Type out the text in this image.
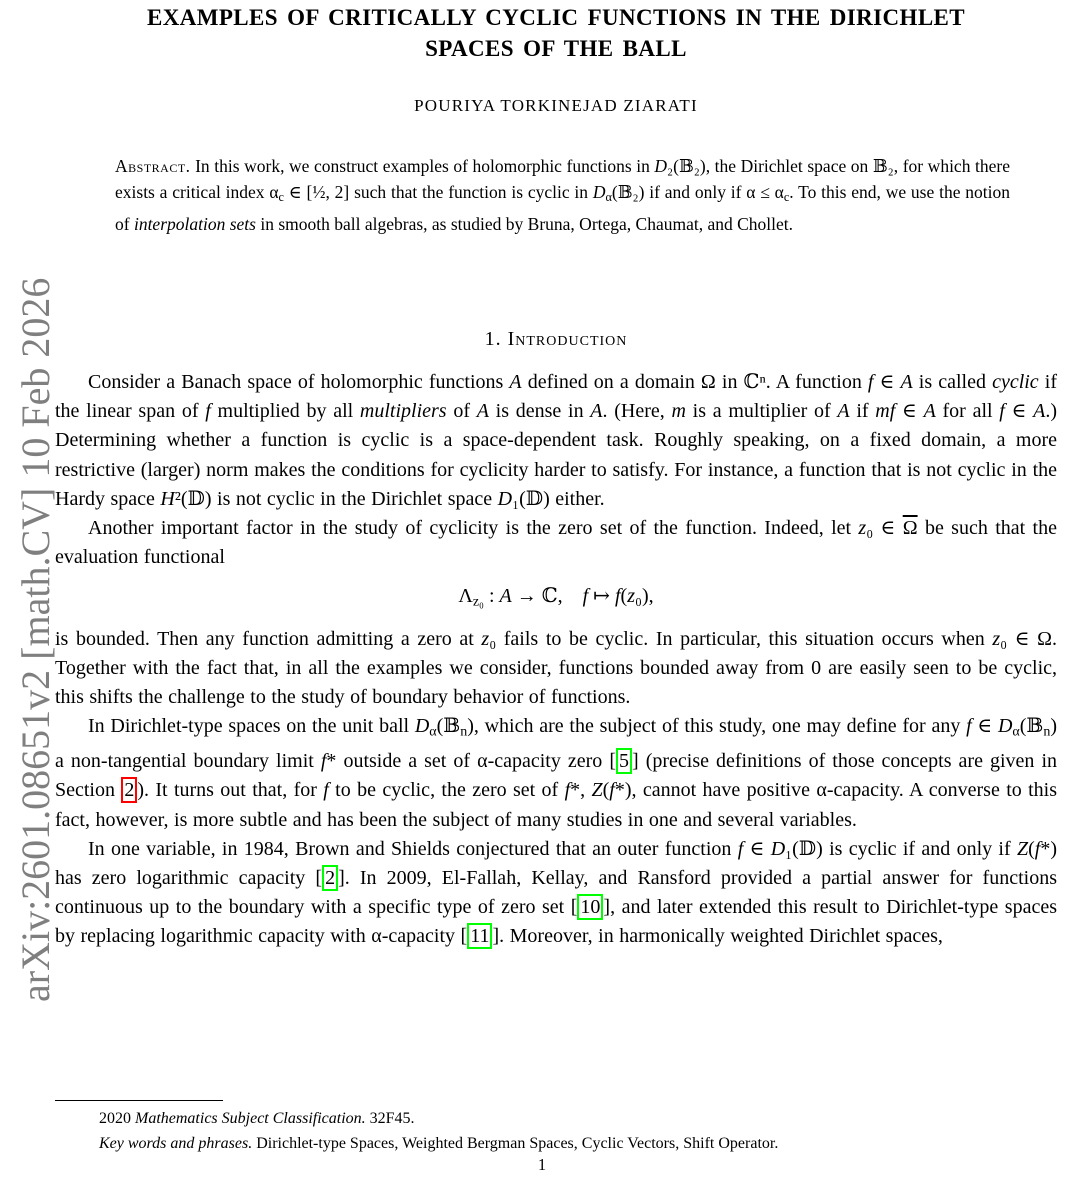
arXiv:2601.08651v2 [math.CV] 10 Feb 2026
EXAMPLES OF CRITICALLY CYCLIC FUNCTIONS IN THE DIRICHLET
SPACES OF THE BALL
POURIYA TORKINEJAD ZIARATI
Abstract. In this work, we construct examples of holomorphic functions in D₂(𝔹₂), the Dirichlet space on 𝔹₂, for which there exists a critical index αc ∈ [½, 2] such that the function is cyclic in Dα(𝔹₂) if and only if α ≤ αc. To this end, we use the notion of interpolation sets in smooth ball algebras, as studied by Bruna, Ortega, Chaumat, and Chollet.
1. Introduction

Consider a Banach space of holomorphic functions A defined on a domain Ω in ℂⁿ. A function f ∈ A is called cyclic if the linear span of f multiplied by all multipliers of A is dense in A. (Here, m is a multiplier of A if mf ∈ A for all f ∈ A.) Determining whether a function is cyclic is a space-dependent task. Roughly speaking, on a fixed domain, a more restrictive (larger) norm makes the conditions for cyclicity harder to satisfy. For instance, a function that is not cyclic in the Hardy space H²(𝔻) is not cyclic in the Dirichlet space D₁(𝔻) either.

Another important factor in the study of cyclicity is the zero set of the function. Indeed, let z₀ ∈ $\overline{\Omega}$ be such that the evaluation functional

Λz₀ : A → ℂ,  f ↦ f(z₀),

is bounded. Then any function admitting a zero at z₀ fails to be cyclic. In particular, this situation occurs when z₀ ∈ Ω. Together with the fact that, in all the examples we consider, functions bounded away from 0 are easily seen to be cyclic, this shifts the challenge to the study of boundary behavior of functions.

In Dirichlet-type spaces on the unit ball Dα(𝔹n), which are the subject of this study, one may define for any f ∈ Dα(𝔹n) a non-tangential boundary limit f* outside a set of α-capacity zero [ 5 ] (precise definitions of those concepts are given in Section 2 ). It turns out that, for f to be cyclic, the zero set of f*, Z(f*), cannot have positive α-capacity. A converse to this fact, however, is more subtle and has been the subject of many studies in one and several variables.

In one variable, in 1984, Brown and Shields conjectured that an outer function f ∈ D₁(𝔻) is cyclic if and only if Z(f*) has zero logarithmic capacity [ 2 ]. In 2009, El-Fallah, Kellay, and Ransford provided a partial answer for functions continuous up to the boundary with a specific type of zero set [ 10 ], and later extended this result to Dirichlet-type spaces by replacing logarithmic capacity with α-capacity [ 11 ]. Moreover, in harmonically weighted Dirichlet spaces,

2020 Mathematics Subject Classification. 32F45.

Key words and phrases. Dirichlet-type Spaces, Weighted Bergman Spaces, Cyclic Vectors, Shift Operator.

1
